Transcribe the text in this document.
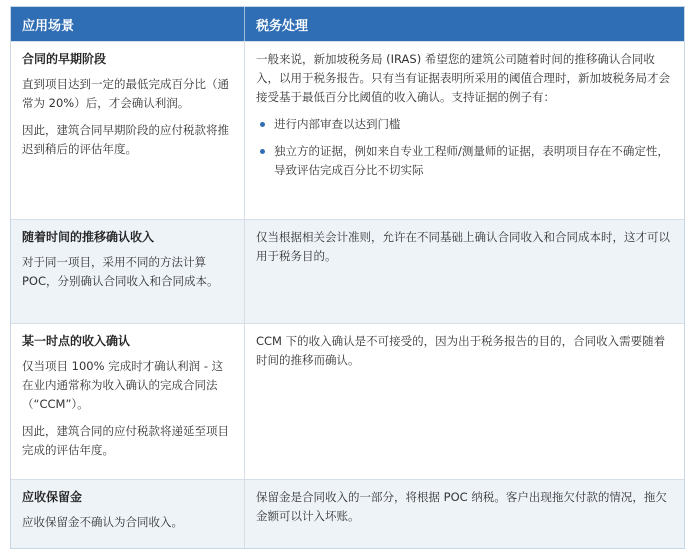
应用场景	税务处理
合同的早期阶段

直到项目达到一定的最低完成百分比（通常为 20%）后，才会确认利润。

因此，建筑合同早期阶段的应付税款将推迟到稍后的评估年度。

一般来说，新加坡税务局 (IRAS) 希望您的建筑公司随着时间的推移确认合同收入，以用于税务报告。只有当有证据表明所采用的阈值合理时，新加坡税务局才会接受基于最低百分比阈值的收入确认。支持证据的例子有：

进行内部审查以达到门槛
独立方的证据，例如来自专业工程师/测量师的证据，表明项目存在不确定性，导致评估完成百分比不切实际
随着时间的推移确认收入

对于同一项目，采用不同的方法计算 POC，分别确认合同收入和合同成本。

仅当根据相关会计准则，允许在不同基础上确认合同收入和合同成本时，这才可以用于税务目的。

某一时点的收入确认

仅当项目 100% 完成时才确认利润 - 这在业内通常称为收入确认的完成合同法（“CCM”）。

因此，建筑合同的应付税款将递延至项目完成的评估年度。

CCM 下的收入确认是不可接受的，因为出于税务报告的目的，合同收入需要随着时间的推移而确认。

应收保留金

应收保留金不确认为合同收入。

保留金是合同收入的一部分，将根据 POC 纳税。客户出现拖欠付款的情况，拖欠金额可以计入坏账。
